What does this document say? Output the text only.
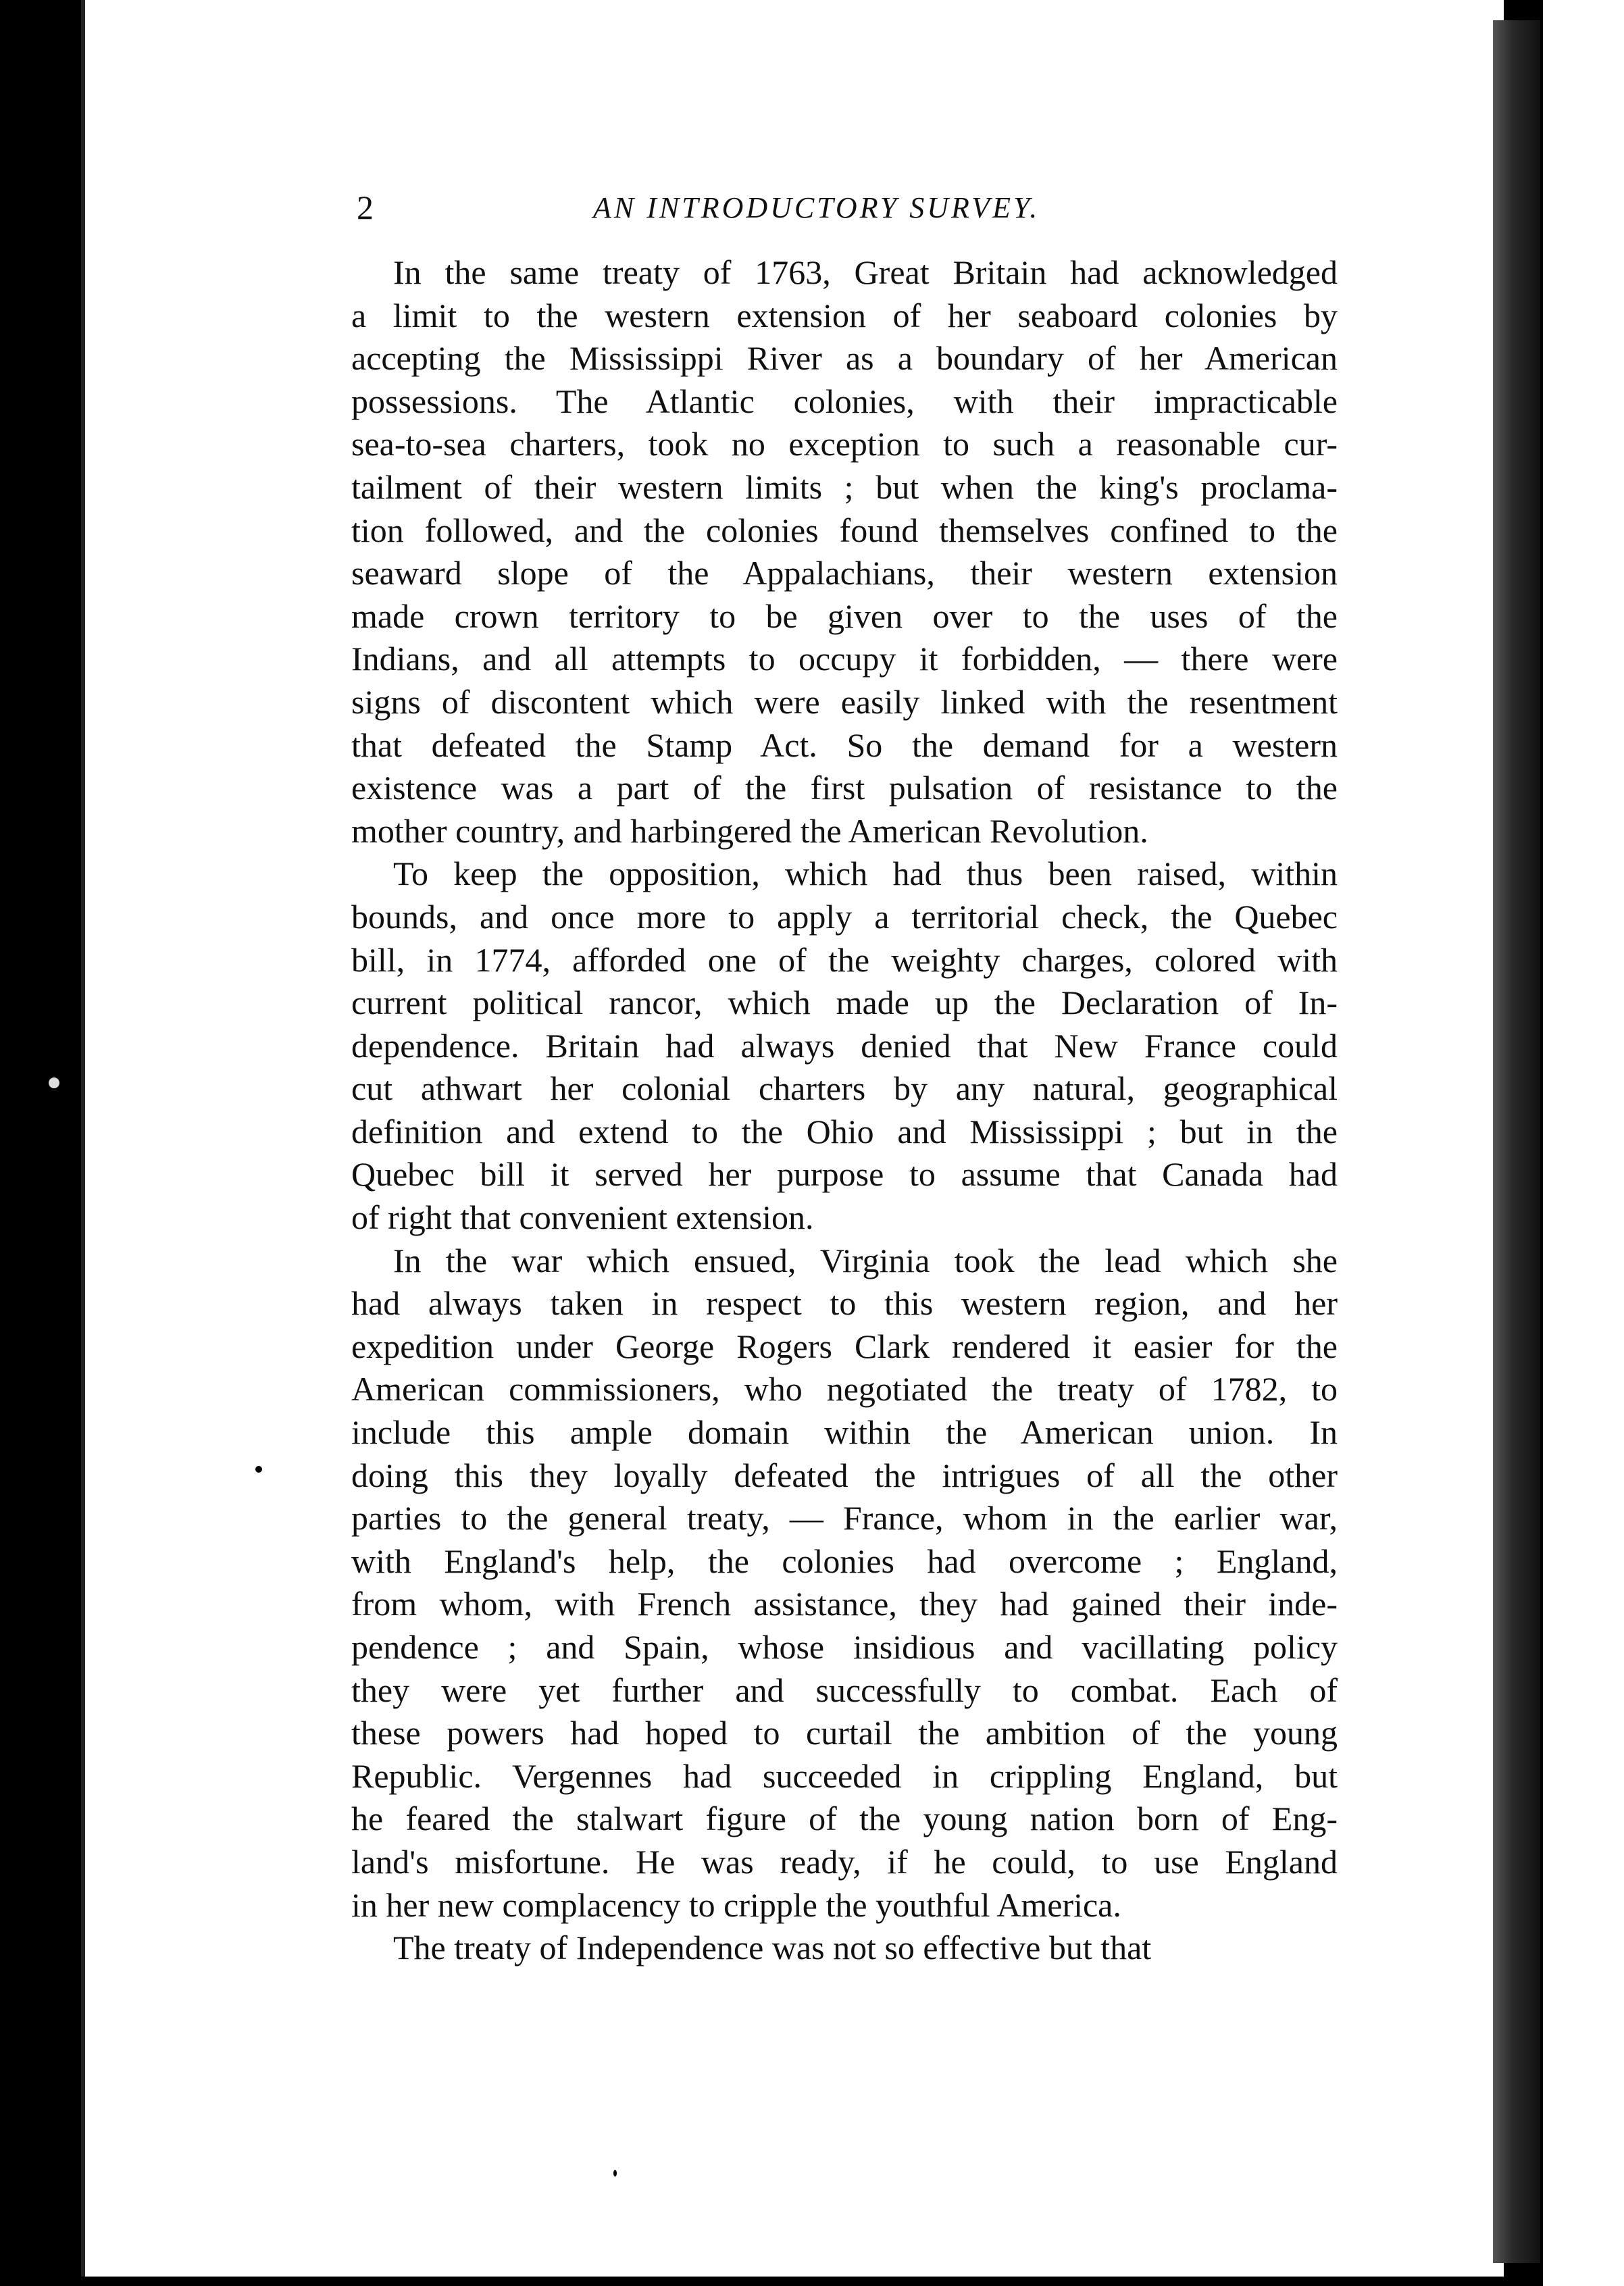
2	AN INTRODUCTORY SURVEY.
In the same treaty of 1763, Great Britain had acknowledged
a limit to the western extension of her seaboard colonies by
accepting the Mississippi River as a boundary of her American
possessions. The Atlantic colonies, with their impracticable
sea-to-sea charters, took no exception to such a reasonable cur-
tailment of their western limits ; but when the king's proclama-
tion followed, and the colonies found themselves confined to the
seaward slope of the Appalachians, their western extension
made crown territory to be given over to the uses of the
Indians, and all attempts to occupy it forbidden, — there were
signs of discontent which were easily linked with the resentment
that defeated the Stamp Act. So the demand for a western
existence was a part of the first pulsation of resistance to the
mother country, and harbingered the American Revolution.
To keep the opposition, which had thus been raised, within
bounds, and once more to apply a territorial check, the Quebec
bill, in 1774, afforded one of the weighty charges, colored with
current political rancor, which made up the Declaration of In-
dependence. Britain had always denied that New France could
cut athwart her colonial charters by any natural, geographical
definition and extend to the Ohio and Mississippi ; but in the
Quebec bill it served her purpose to assume that Canada had
of right that convenient extension.
In the war which ensued, Virginia took the lead which she
had always taken in respect to this western region, and her
expedition under George Rogers Clark rendered it easier for the
American commissioners, who negotiated the treaty of 1782, to
include this ample domain within the American union. In
doing this they loyally defeated the intrigues of all the other
parties to the general treaty, — France, whom in the earlier war,
with England's help, the colonies had overcome ; England,
from whom, with French assistance, they had gained their inde-
pendence ; and Spain, whose insidious and vacillating policy
they were yet further and successfully to combat. Each of
these powers had hoped to curtail the ambition of the young
Republic. Vergennes had succeeded in crippling England, but
he feared the stalwart figure of the young nation born of Eng-
land's misfortune. He was ready, if he could, to use England
in her new complacency to cripple the youthful America.
The treaty of Independence was not so effective but that
